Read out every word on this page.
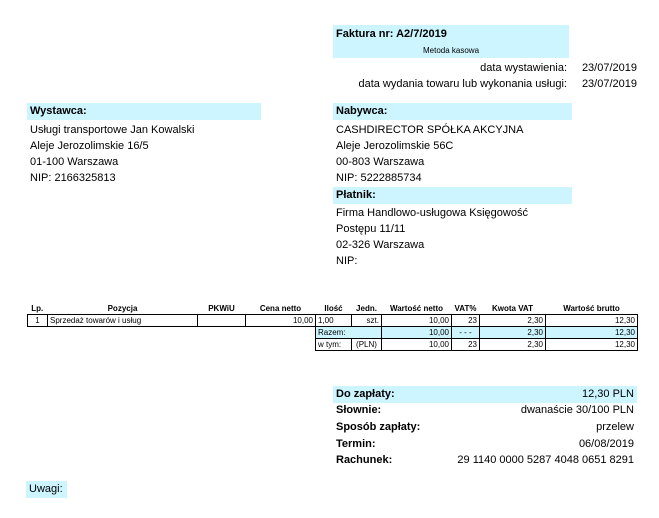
Faktura nr: A2/7/2019
Metoda kasowa
data wystawienia: 23/07/2019
data wydania towaru lub wykonania usługi: 23/07/2019
Wystawca:
Usługi transportowe Jan Kowalski
Aleje Jerozolimskie 16/5
01-100 Warszawa
NIP: 2166325813
Nabywca:
CASHDIRECTOR SPÓŁKA AKCYJNA
Aleje Jerozolimskie 56C
00-803 Warszawa
NIP: 5222885734
Płatnik:
Firma Handlowo-usługowa Księgowość
Postępu 11/11
02-326 Warszawa
NIP:
Lp.	Pozycja	PKWiU	Cena netto	Ilość	Jedn.	Wartość netto	VAT%	Kwota VAT	Wartość brutto
1	Sprzedaż towarów i usług		10,00	1,00	szt.	10,00	23	2,30	12,30
				Razem:		10,00	- - -	2,30	12,30
				w tym:	(PLN)	10,00	23	2,30	12,30
Do zapłaty:	12,30 PLN
Słownie:	dwanaście 30/100 PLN
Sposób zapłaty:	przelew
Termin:	06/08/2019
Rachunek:	29 1140 0000 5287 4048 0651 8291
Uwagi:
